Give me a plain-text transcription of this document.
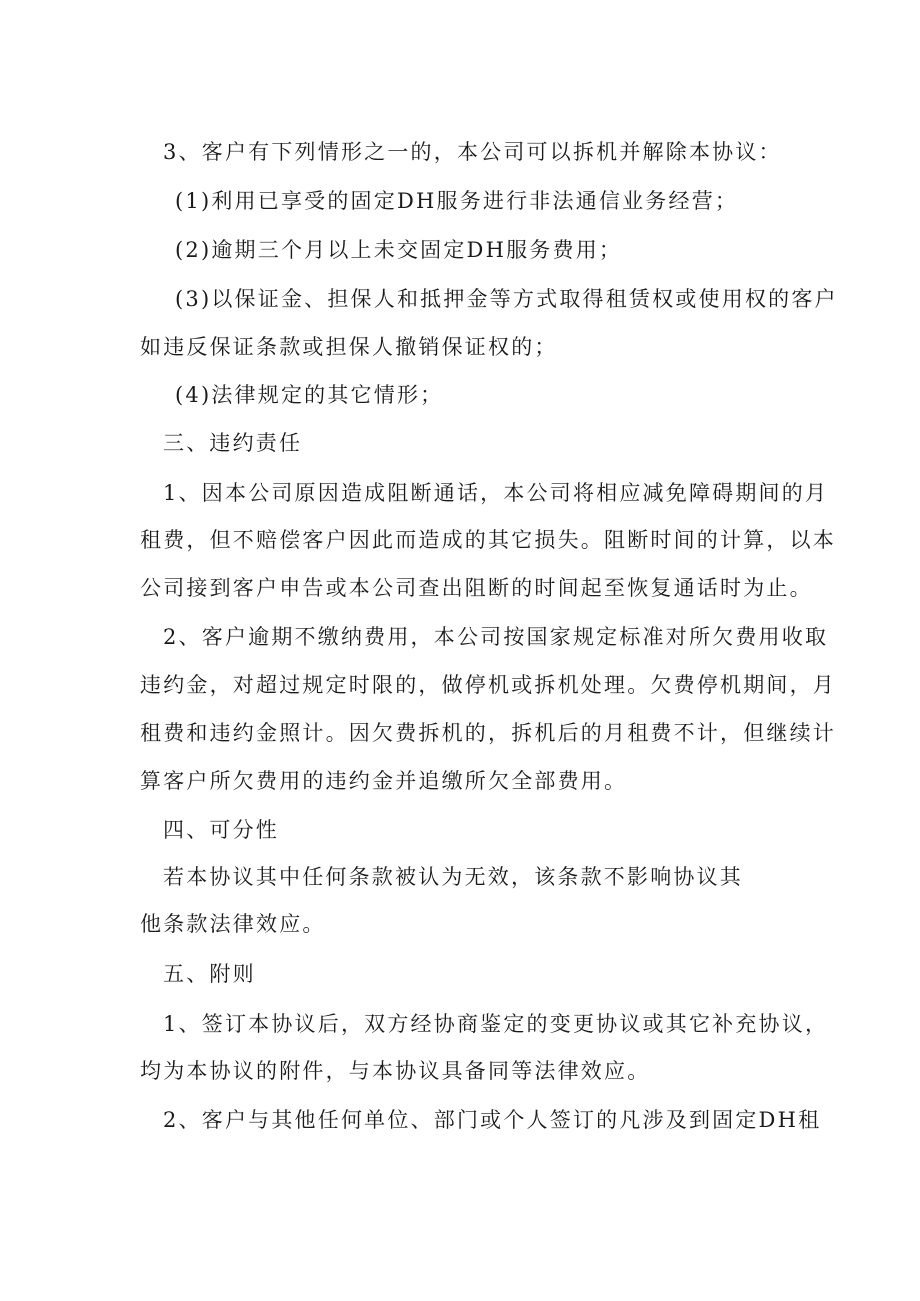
3、客户有下列情形之一的，本公司可以拆机并解除本协议：
(1)利用已享受的固定DH服务进行非法通信业务经营；
(2)逾期三个月以上未交固定DH服务费用；
(3)以保证金、担保人和抵押金等方式取得租赁权或使用权的客户
如违反保证条款或担保人撤销保证权的；
(4)法律规定的其它情形；
三、违约责任
1、因本公司原因造成阻断通话，本公司将相应减免障碍期间的月
租费，但不赔偿客户因此而造成的其它损失。阻断时间的计算，以本
公司接到客户申告或本公司查出阻断的时间起至恢复通话时为止。
2、客户逾期不缴纳费用，本公司按国家规定标准对所欠费用收取
违约金，对超过规定时限的，做停机或拆机处理。欠费停机期间，月
租费和违约金照计。因欠费拆机的，拆机后的月租费不计，但继续计
算客户所欠费用的违约金并追缴所欠全部费用。
四、可分性
若本协议其中任何条款被认为无效，该条款不影响协议其
他条款法律效应。
五、附则
1、签订本协议后，双方经协商鉴定的变更协议或其它补充协议，
均为本协议的附件，与本协议具备同等法律效应。
2、客户与其他任何单位、部门或个人签订的凡涉及到固定DH租
